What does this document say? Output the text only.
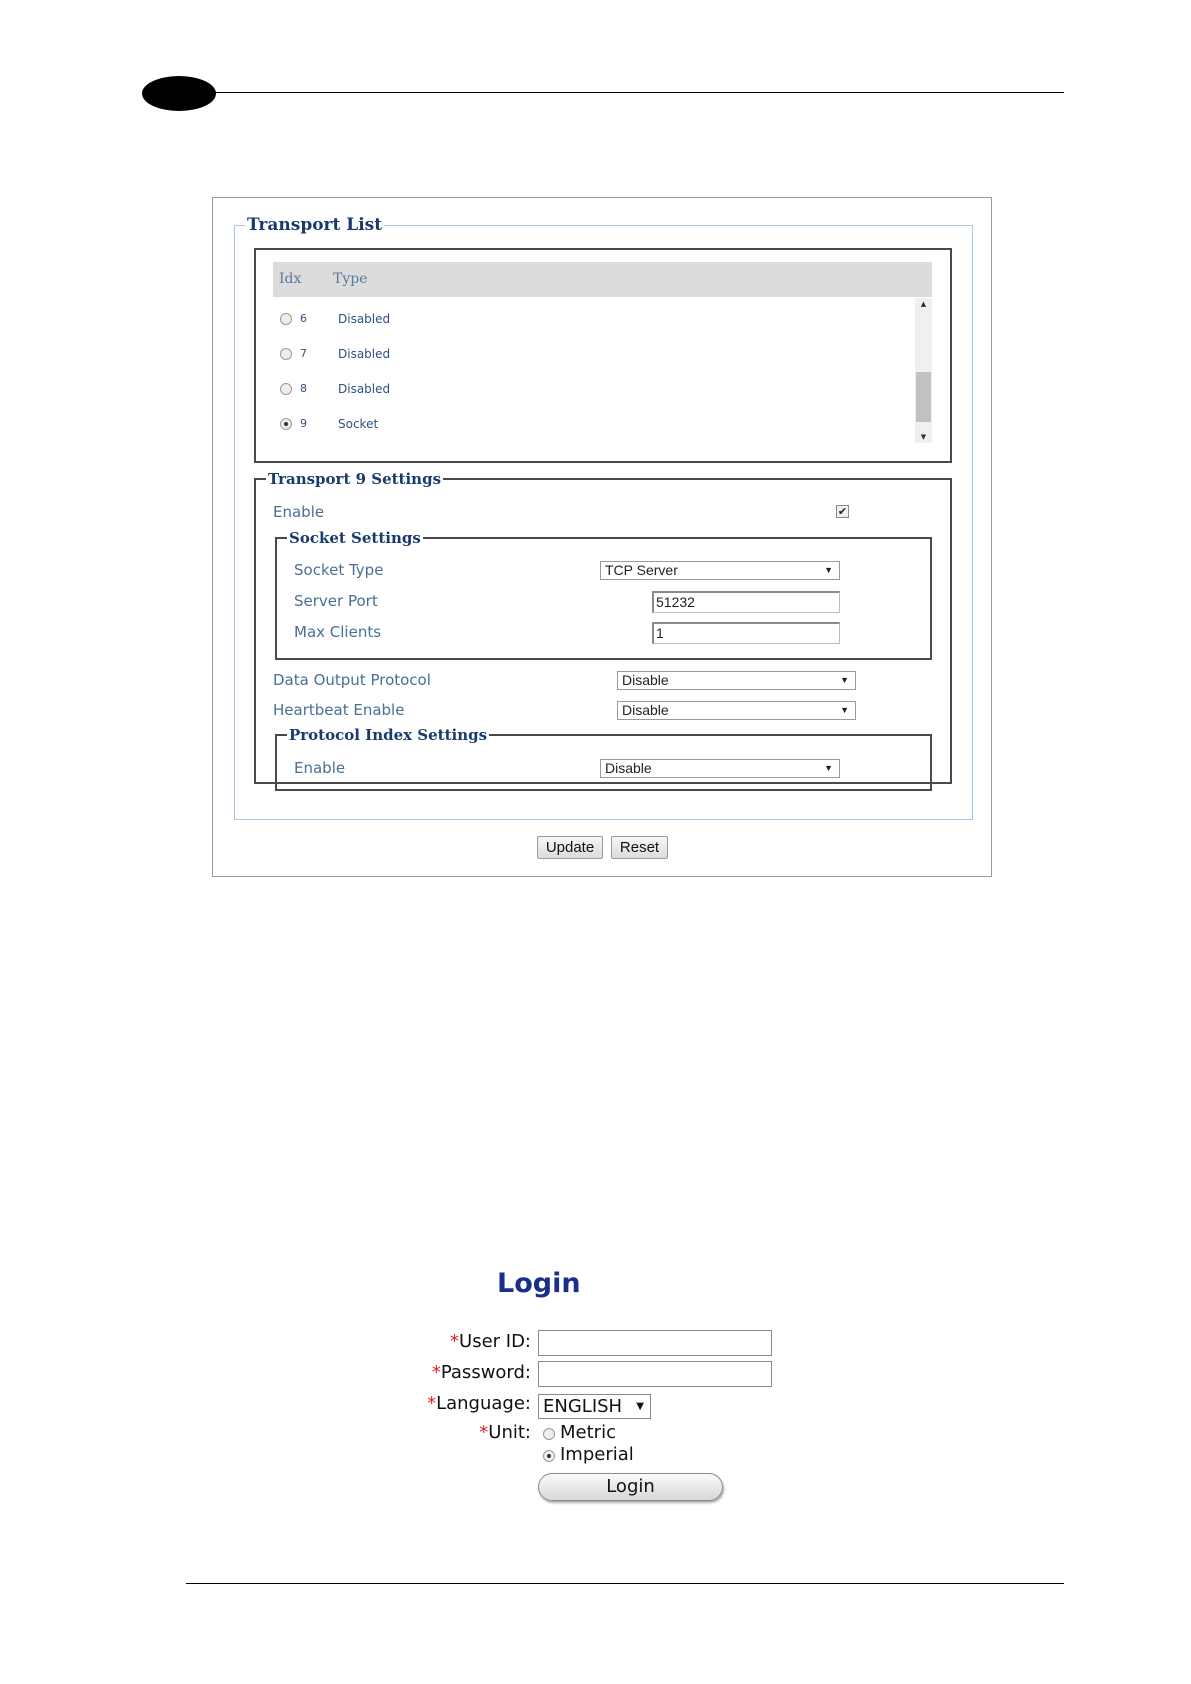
Transport List
Idx Type
6	Disabled
7	Disabled
8	Disabled
9	Socket
▲
▼
Transport 9 Settings
Enable	✔
Socket Settings
Socket Type	TCP Server	▼
Server Port	51232
Max Clients	1
Data Output Protocol	Disable	▼
Heartbeat Enable	Disable	▼
Protocol Index Settings
Enable	Disable	▼
Update	Reset
Login
*User ID:
*Password:
*Language: ENGLISH ▼
*Unit: Metric
Imperial
Login
